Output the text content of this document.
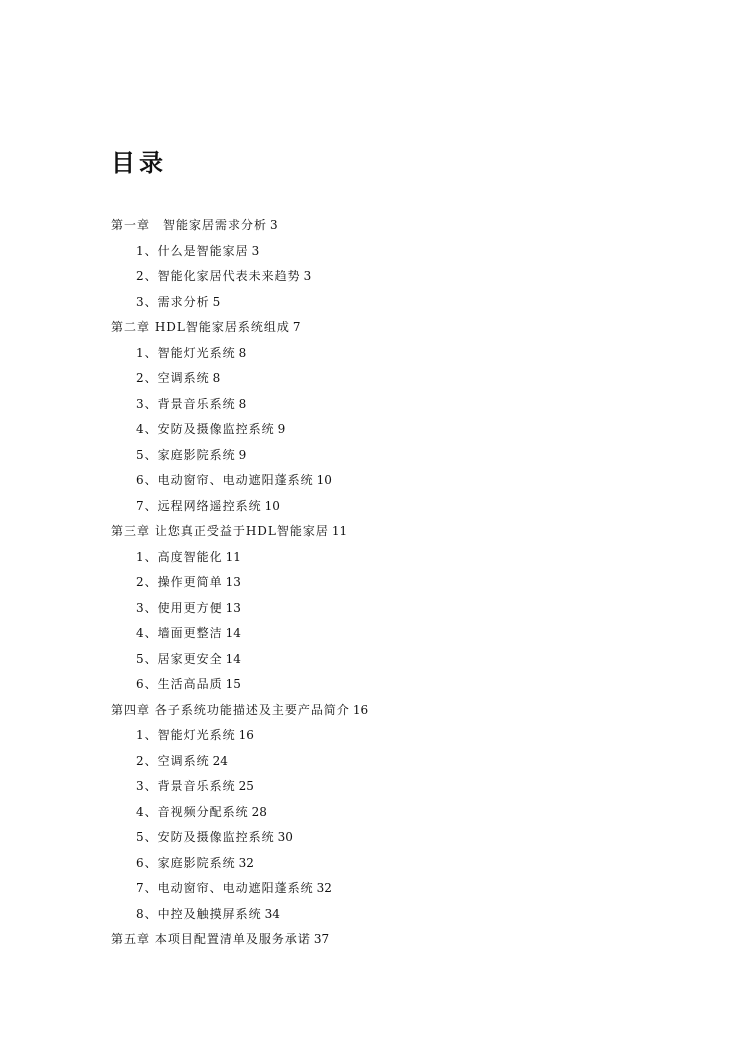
目录
第一章　智能家居需求分析 3
1、什么是智能家居 3
2、智能化家居代表未来趋势 3
3、需求分析 5
第二章 HDL智能家居系统组成 7
1、智能灯光系统 8
2、空调系统 8
3、背景音乐系统 8
4、安防及摄像监控系统 9
5、家庭影院系统 9
6、电动窗帘、电动遮阳蓬系统 10
7、远程网络遥控系统 10
第三章 让您真正受益于HDL智能家居 11
1、高度智能化 11
2、操作更简单 13
3、使用更方便 13
4、墙面更整洁 14
5、居家更安全 14
6、生活高品质 15
第四章 各子系统功能描述及主要产品简介 16
1、智能灯光系统 16
2、空调系统 24
3、背景音乐系统 25
4、音视频分配系统 28
5、安防及摄像监控系统 30
6、家庭影院系统 32
7、电动窗帘、电动遮阳蓬系统 32
8、中控及触摸屏系统 34
第五章 本项目配置清单及服务承诺 37
